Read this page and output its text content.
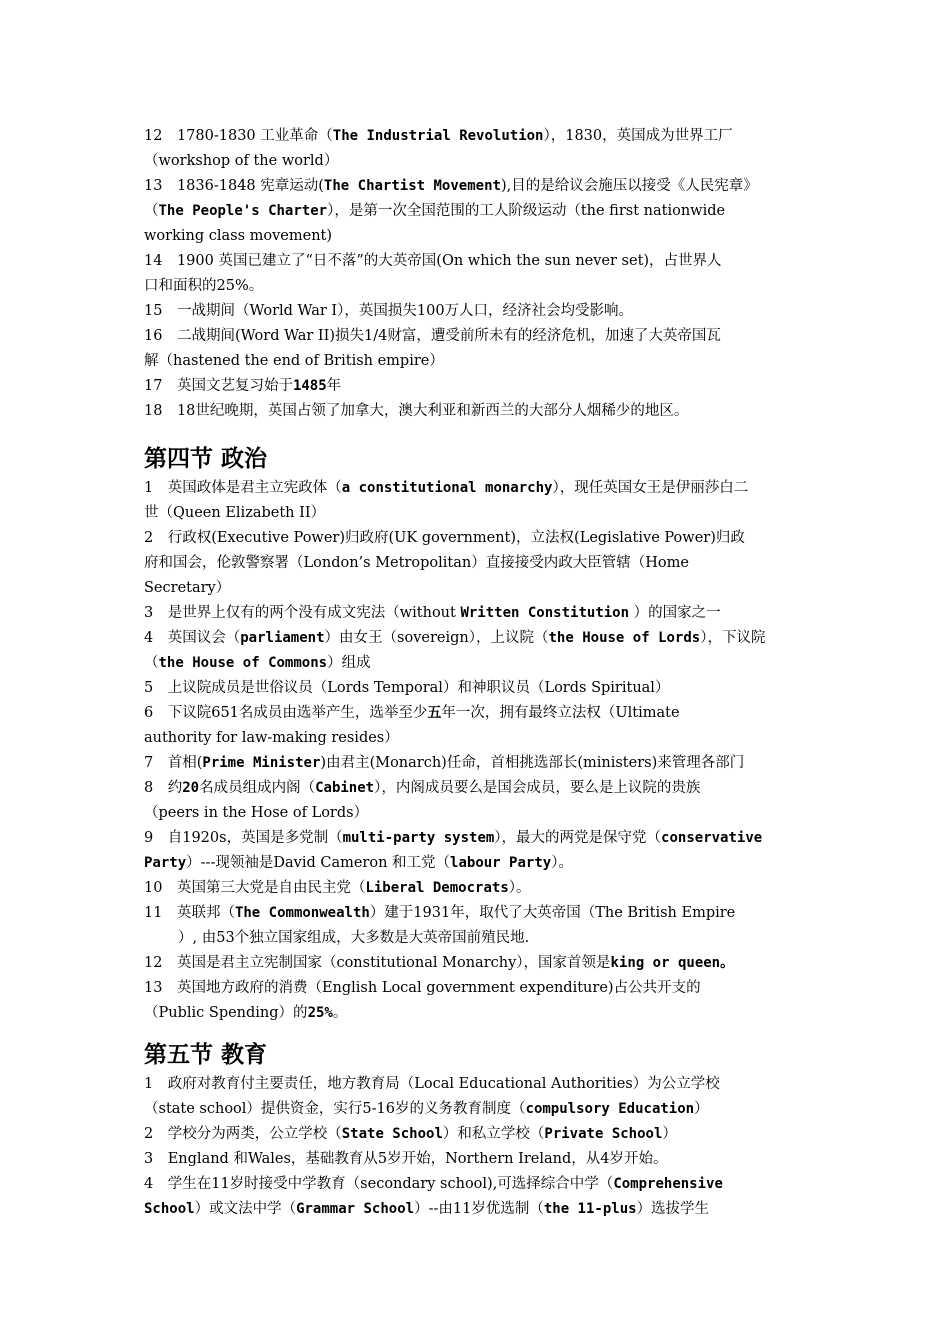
12　1780-1830 工业革命（The Industrial Revolution），1830，英国成为世界工厂
（workshop of the world）
13　1836-1848 宪章运动(The Chartist Movement),目的是给议会施压以接受《人民宪章》
（The People's Charter），是第一次全国范围的工人阶级运动（the first nationwide
working class movement)
14　1900 英国已建立了“日不落”的大英帝国(On which the sun never set)，占世界人
口和面积的25%。
15　一战期间（World War I），英国损失100万人口，经济社会均受影响。
16　二战期间(Word War II)损失1/4财富，遭受前所未有的经济危机，加速了大英帝国瓦
解（hastened the end of British empire）
17　英国文艺复习始于1485年
18　18世纪晚期，英国占领了加拿大，澳大利亚和新西兰的大部分人烟稀少的地区。
第四节 政治
1　英国政体是君主立宪政体（a constitutional monarchy），现任英国女王是伊丽莎白二
世（Queen Elizabeth II）
2　行政权(Executive Power)归政府(UK government)，立法权(Legislative Power)归政
府和国会，伦敦警察署（London’s Metropolitan）直接接受内政大臣管辖（Home
Secretary）
3　是世界上仅有的两个没有成文宪法（without Written Constitution ）的国家之一
4　英国议会（parliament）由女王（sovereign），上议院（the House of Lords），下议院
（the House of Commons）组成
5　上议院成员是世俗议员（Lords Temporal）和神职议员（Lords Spiritual）
6　下议院651名成员由选举产生，选举至少五年一次，拥有最终立法权（Ultimate
authority for law-making resides）
7　首相(Prime Minister)由君主(Monarch)任命，首相挑选部长(ministers)来管理各部门
8　约20名成员组成内阁（Cabinet），内阁成员要么是国会成员，要么是上议院的贵族
（peers in the Hose of Lords）
9　自1920s，英国是多党制（multi-party system），最大的两党是保守党（conservative
Party）---现领袖是David Cameron 和工党（labour Party）。
10　英国第三大党是自由民主党（Liberal Democrats）。
11　英联邦（The Commonwealth）建于1931年，取代了大英帝国（The British Empire
）, 由53个独立国家组成，大多数是大英帝国前殖民地.
12　英国是君主立宪制国家（constitutional Monarchy），国家首领是king or queen。
13　英国地方政府的消费（English Local government expenditure)占公共开支的
（Public Spending）的25%。
第五节 教育
1　政府对教育付主要责任，地方教育局（Local Educational Authorities）为公立学校
（state school）提供资金，实行5-16岁的义务教育制度（compulsory Education）
2　学校分为两类，公立学校（State School）和私立学校（Private School）
3　England 和Wales，基础教育从5岁开始，Northern Ireland，从4岁开始。
4　学生在11岁时接受中学教育（secondary school),可选择综合中学（Comprehensive
School）或文法中学（Grammar School）--由11岁优选制（the 11-plus）选拔学生
